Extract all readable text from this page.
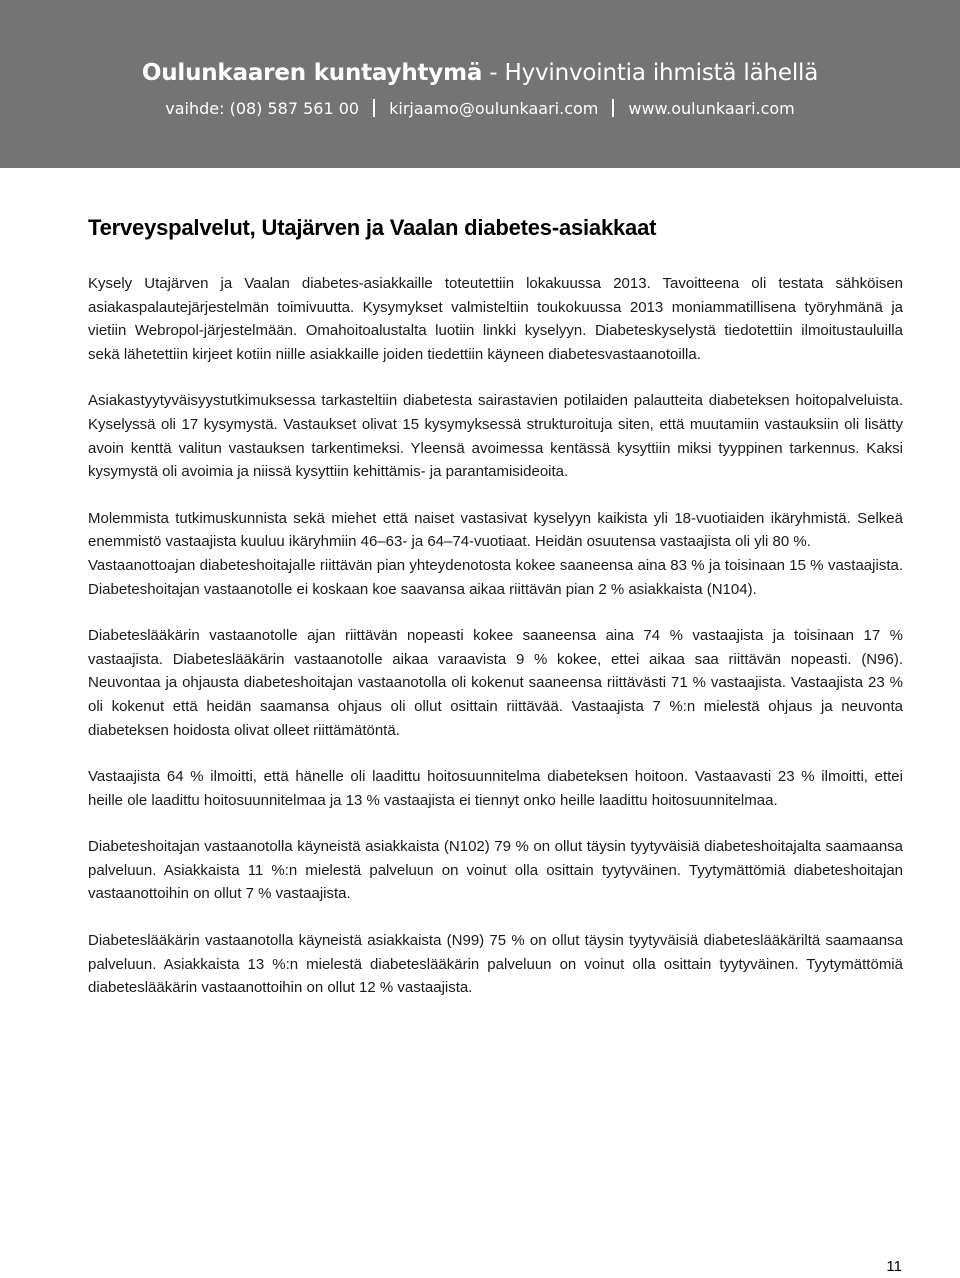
Oulunkaaren kuntayhtymä - Hyvinvointia ihmistä lähellä
vaihde: (08) 587 561 00 kirjaamo@oulunkaari.com www.oulunkaari.com
Terveyspalvelut, Utajärven ja Vaalan diabetes-asiakkaat

Kysely Utajärven ja Vaalan diabetes-asiakkaille toteutettiin lokakuussa 2013. Tavoitteena oli testata sähköisen asiakaspalautejärjestelmän toimivuutta. Kysymykset valmisteltiin toukokuussa 2013 moniammatillisena työryhmänä ja vietiin Webropol-järjestelmään. Omahoitoalustalta luotiin linkki kyselyyn. Diabeteskyselystä tiedotettiin ilmoitustauluilla sekä lähetettiin kirjeet kotiin niille asiakkaille joiden tiedettiin käyneen diabetesvastaanotoilla.

Asiakastyytyväisyystutkimuksessa tarkasteltiin diabetesta sairastavien potilaiden palautteita diabeteksen hoitopalveluista. Kyselyssä oli 17 kysymystä. Vastaukset olivat 15 kysymyksessä strukturoituja siten, että muutamiin vastauksiin oli lisätty avoin kenttä valitun vastauksen tarkentimeksi. Yleensä avoimessa kentässä kysyttiin miksi tyyppinen tarkennus. Kaksi kysymystä oli avoimia ja niissä kysyttiin kehittämis- ja parantamisideoita.

Molemmista tutkimuskunnista sekä miehet että naiset vastasivat kyselyyn kaikista yli 18-vuotiaiden ikäryhmistä. Selkeä enemmistö vastaajista kuuluu ikäryhmiin 46–63- ja 64–74-vuotiaat. Heidän osuutensa vastaajista oli yli 80 %.

Vastaanottoajan diabeteshoitajalle riittävän pian yhteydenotosta kokee saaneensa aina 83 % ja toisinaan 15 % vastaajista. Diabeteshoitajan vastaanotolle ei koskaan koe saavansa aikaa riittävän pian 2 % asiakkaista (N104).

Diabeteslääkärin vastaanotolle ajan riittävän nopeasti kokee saaneensa aina 74 % vastaajista ja toisinaan 17 % vastaajista. Diabeteslääkärin vastaanotolle aikaa varaavista 9 % kokee, ettei aikaa saa riittävän nopeasti. (N96). Neuvontaa ja ohjausta diabeteshoitajan vastaanotolla oli kokenut saaneensa riittävästi 71 % vastaajista. Vastaajista 23 % oli kokenut että heidän saamansa ohjaus oli ollut osittain riittävää. Vastaajista 7 %:n mielestä ohjaus ja neuvonta diabeteksen hoidosta olivat olleet riittämätöntä.

Vastaajista 64 % ilmoitti, että hänelle oli laadittu hoitosuunnitelma diabeteksen hoitoon. Vastaavasti 23 % ilmoitti, ettei heille ole laadittu hoitosuunnitelmaa ja 13 % vastaajista ei tiennyt onko heille laadittu hoitosuunnitelmaa.

Diabeteshoitajan vastaanotolla käyneistä asiakkaista (N102) 79 % on ollut täysin tyytyväisiä diabeteshoitajalta saamaansa palveluun. Asiakkaista 11 %:n mielestä palveluun on voinut olla osittain tyytyväinen. Tyytymättömiä diabeteshoitajan vastaanottoihin on ollut 7 % vastaajista.

Diabeteslääkärin vastaanotolla käyneistä asiakkaista (N99) 75 % on ollut täysin tyytyväisiä diabeteslääkäriltä saamaansa palveluun. Asiakkaista 13 %:n mielestä diabeteslääkärin palveluun on voinut olla osittain tyytyväinen. Tyytymättömiä diabeteslääkärin vastaanottoihin on ollut 12 % vastaajista.

11
